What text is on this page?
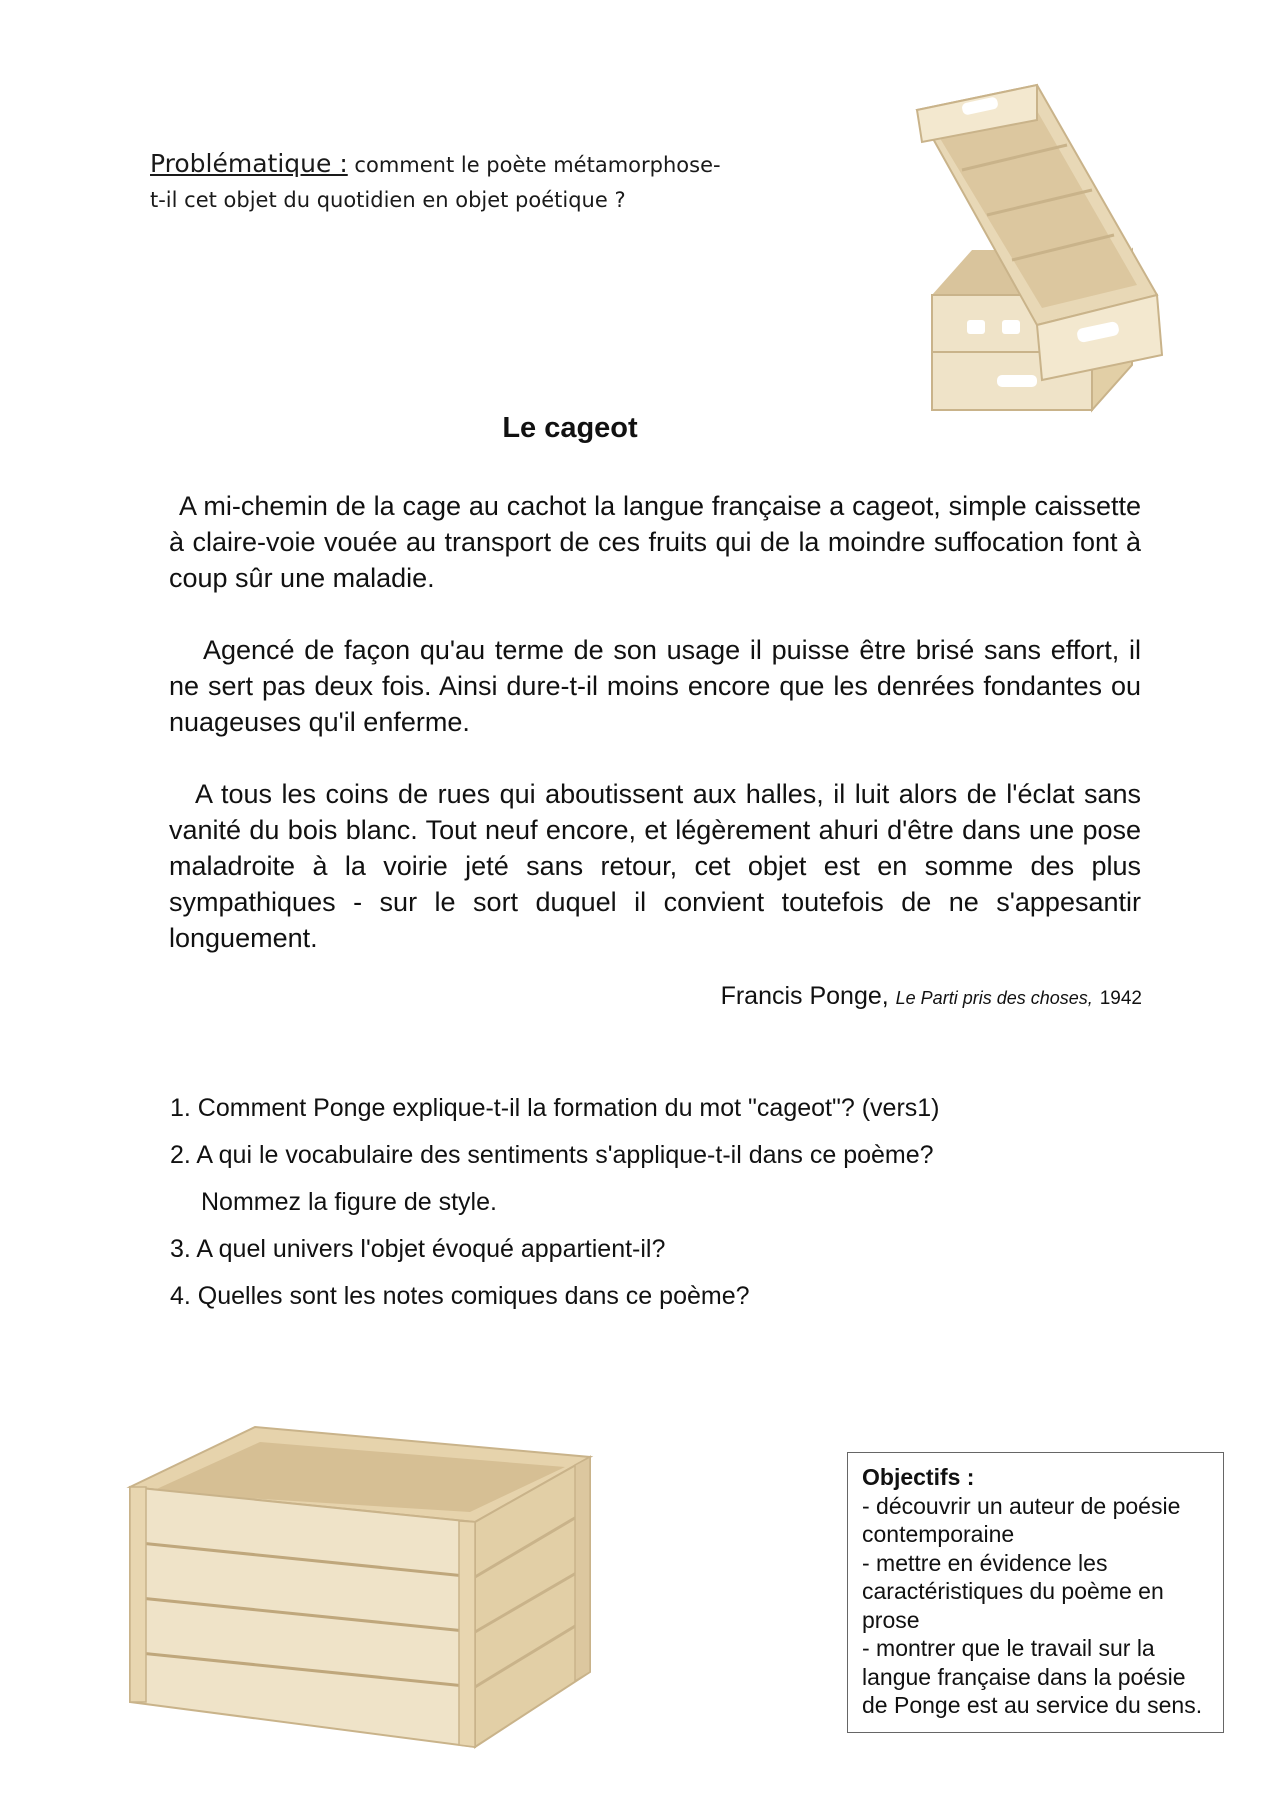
Problématique : comment le poète métamorphose-t-il cet objet du quotidien en objet poétique ?
Le cageot

A mi-chemin de la cage au cachot la langue française a cageot, simple caissette à claire-voie vouée au transport de ces fruits qui de la moindre suffocation font à coup sûr une maladie.

Agencé de façon qu'au terme de son usage il puisse être brisé sans effort, il ne sert pas deux fois. Ainsi dure-t-il moins encore que les denrées fondantes ou nuageuses qu'il enferme.

A tous les coins de rues qui aboutissent aux halles, il luit alors de l'éclat sans vanité du bois blanc. Tout neuf encore, et légèrement ahuri d'être dans une pose maladroite à la voirie jeté sans retour, cet objet est en somme des plus sympathiques - sur le sort duquel il convient toutefois de ne s'appesantir longuement.

Francis Ponge, Le Parti pris des choses, 1942
1. Comment Ponge explique-t-il la formation du mot "cageot"? (vers1)
2. A qui le vocabulaire des sentiments s'applique-t-il dans ce poème?
Nommez la figure de style.
3. A quel univers l'objet évoqué appartient-il?
4. Quelles sont les notes comiques dans ce poème?
Objectifs :
- découvrir un auteur de poésie contemporaine
- mettre en évidence les caractéristiques du poème en prose
- montrer que le travail sur la langue française dans la poésie de Ponge est au service du sens.
